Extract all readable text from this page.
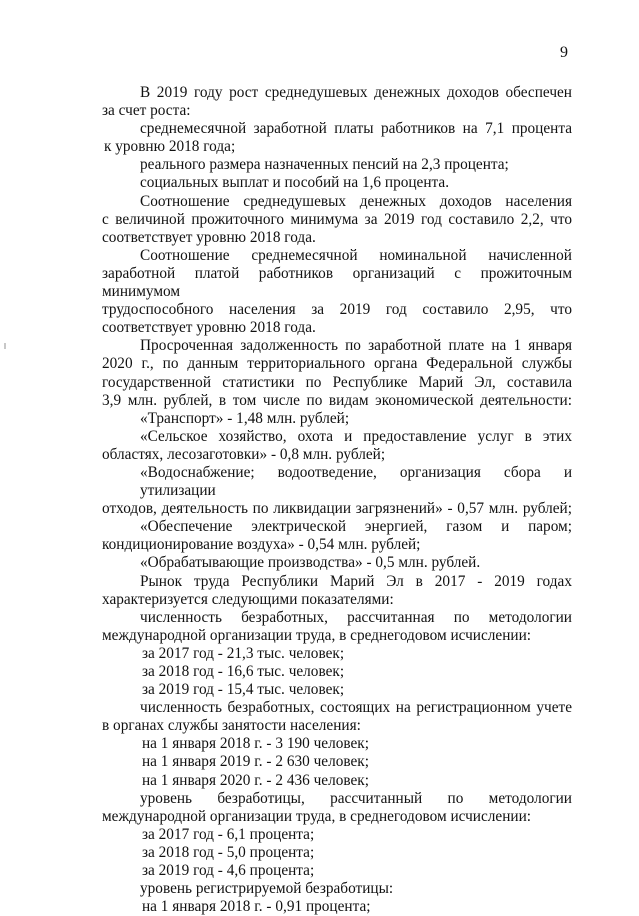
9
В 2019 году рост среднедушевых денежных доходов обеспечен
за счет роста:
среднемесячной заработной платы работников на 7,1 процента
к уровню 2018 года;
реального размера назначенных пенсий на 2,3 процента;
социальных выплат и пособий на 1,6 процента.
Соотношение среднедушевых денежных доходов населения
с величиной прожиточного минимума за 2019 год составило 2,2, что
соответствует уровню 2018 года.
Соотношение среднемесячной номинальной начисленной
заработной платой работников организаций с прожиточным минимумом
трудоспособного населения за 2019 год составило 2,95, что
соответствует уровню 2018 года.
Просроченная задолженность по заработной плате на 1 января
2020 г., по данным территориального органа Федеральной службы
государственной статистики по Республике Марий Эл, составила
3,9 млн. рублей, в том числе по видам экономической деятельности:
«Транспорт» - 1,48 млн. рублей;
«Сельское хозяйство, охота и предоставление услуг в этих
областях, лесозаготовки» - 0,8 млн. рублей;
«Водоснабжение; водоотведение, организация сбора и утилизации
отходов, деятельность по ликвидации загрязнений» - 0,57 млн. рублей;
«Обеспечение электрической энергией, газом и паром;
кондиционирование воздуха» - 0,54 млн. рублей;
«Обрабатывающие производства» - 0,5 млн. рублей.
Рынок труда Республики Марий Эл в 2017 - 2019 годах
характеризуется следующими показателями:
численность безработных, рассчитанная по методологии
международной организации труда, в среднегодовом исчислении:
за 2017 год - 21,3 тыс. человек;
за 2018 год - 16,6 тыс. человек;
за 2019 год - 15,4 тыс. человек;
численность безработных, состоящих на регистрационном учете
в органах службы занятости населения:
на 1 января 2018 г. - 3 190 человек;
на 1 января 2019 г. - 2 630 человек;
на 1 января 2020 г. - 2 436 человек;
уровень безработицы, рассчитанный по методологии
международной организации труда, в среднегодовом исчислении:
за 2017 год - 6,1 процента;
за 2018 год - 5,0 процента;
за 2019 год - 4,6 процента;
уровень регистрируемой безработицы:
на 1 января 2018 г. - 0,91 процента;
